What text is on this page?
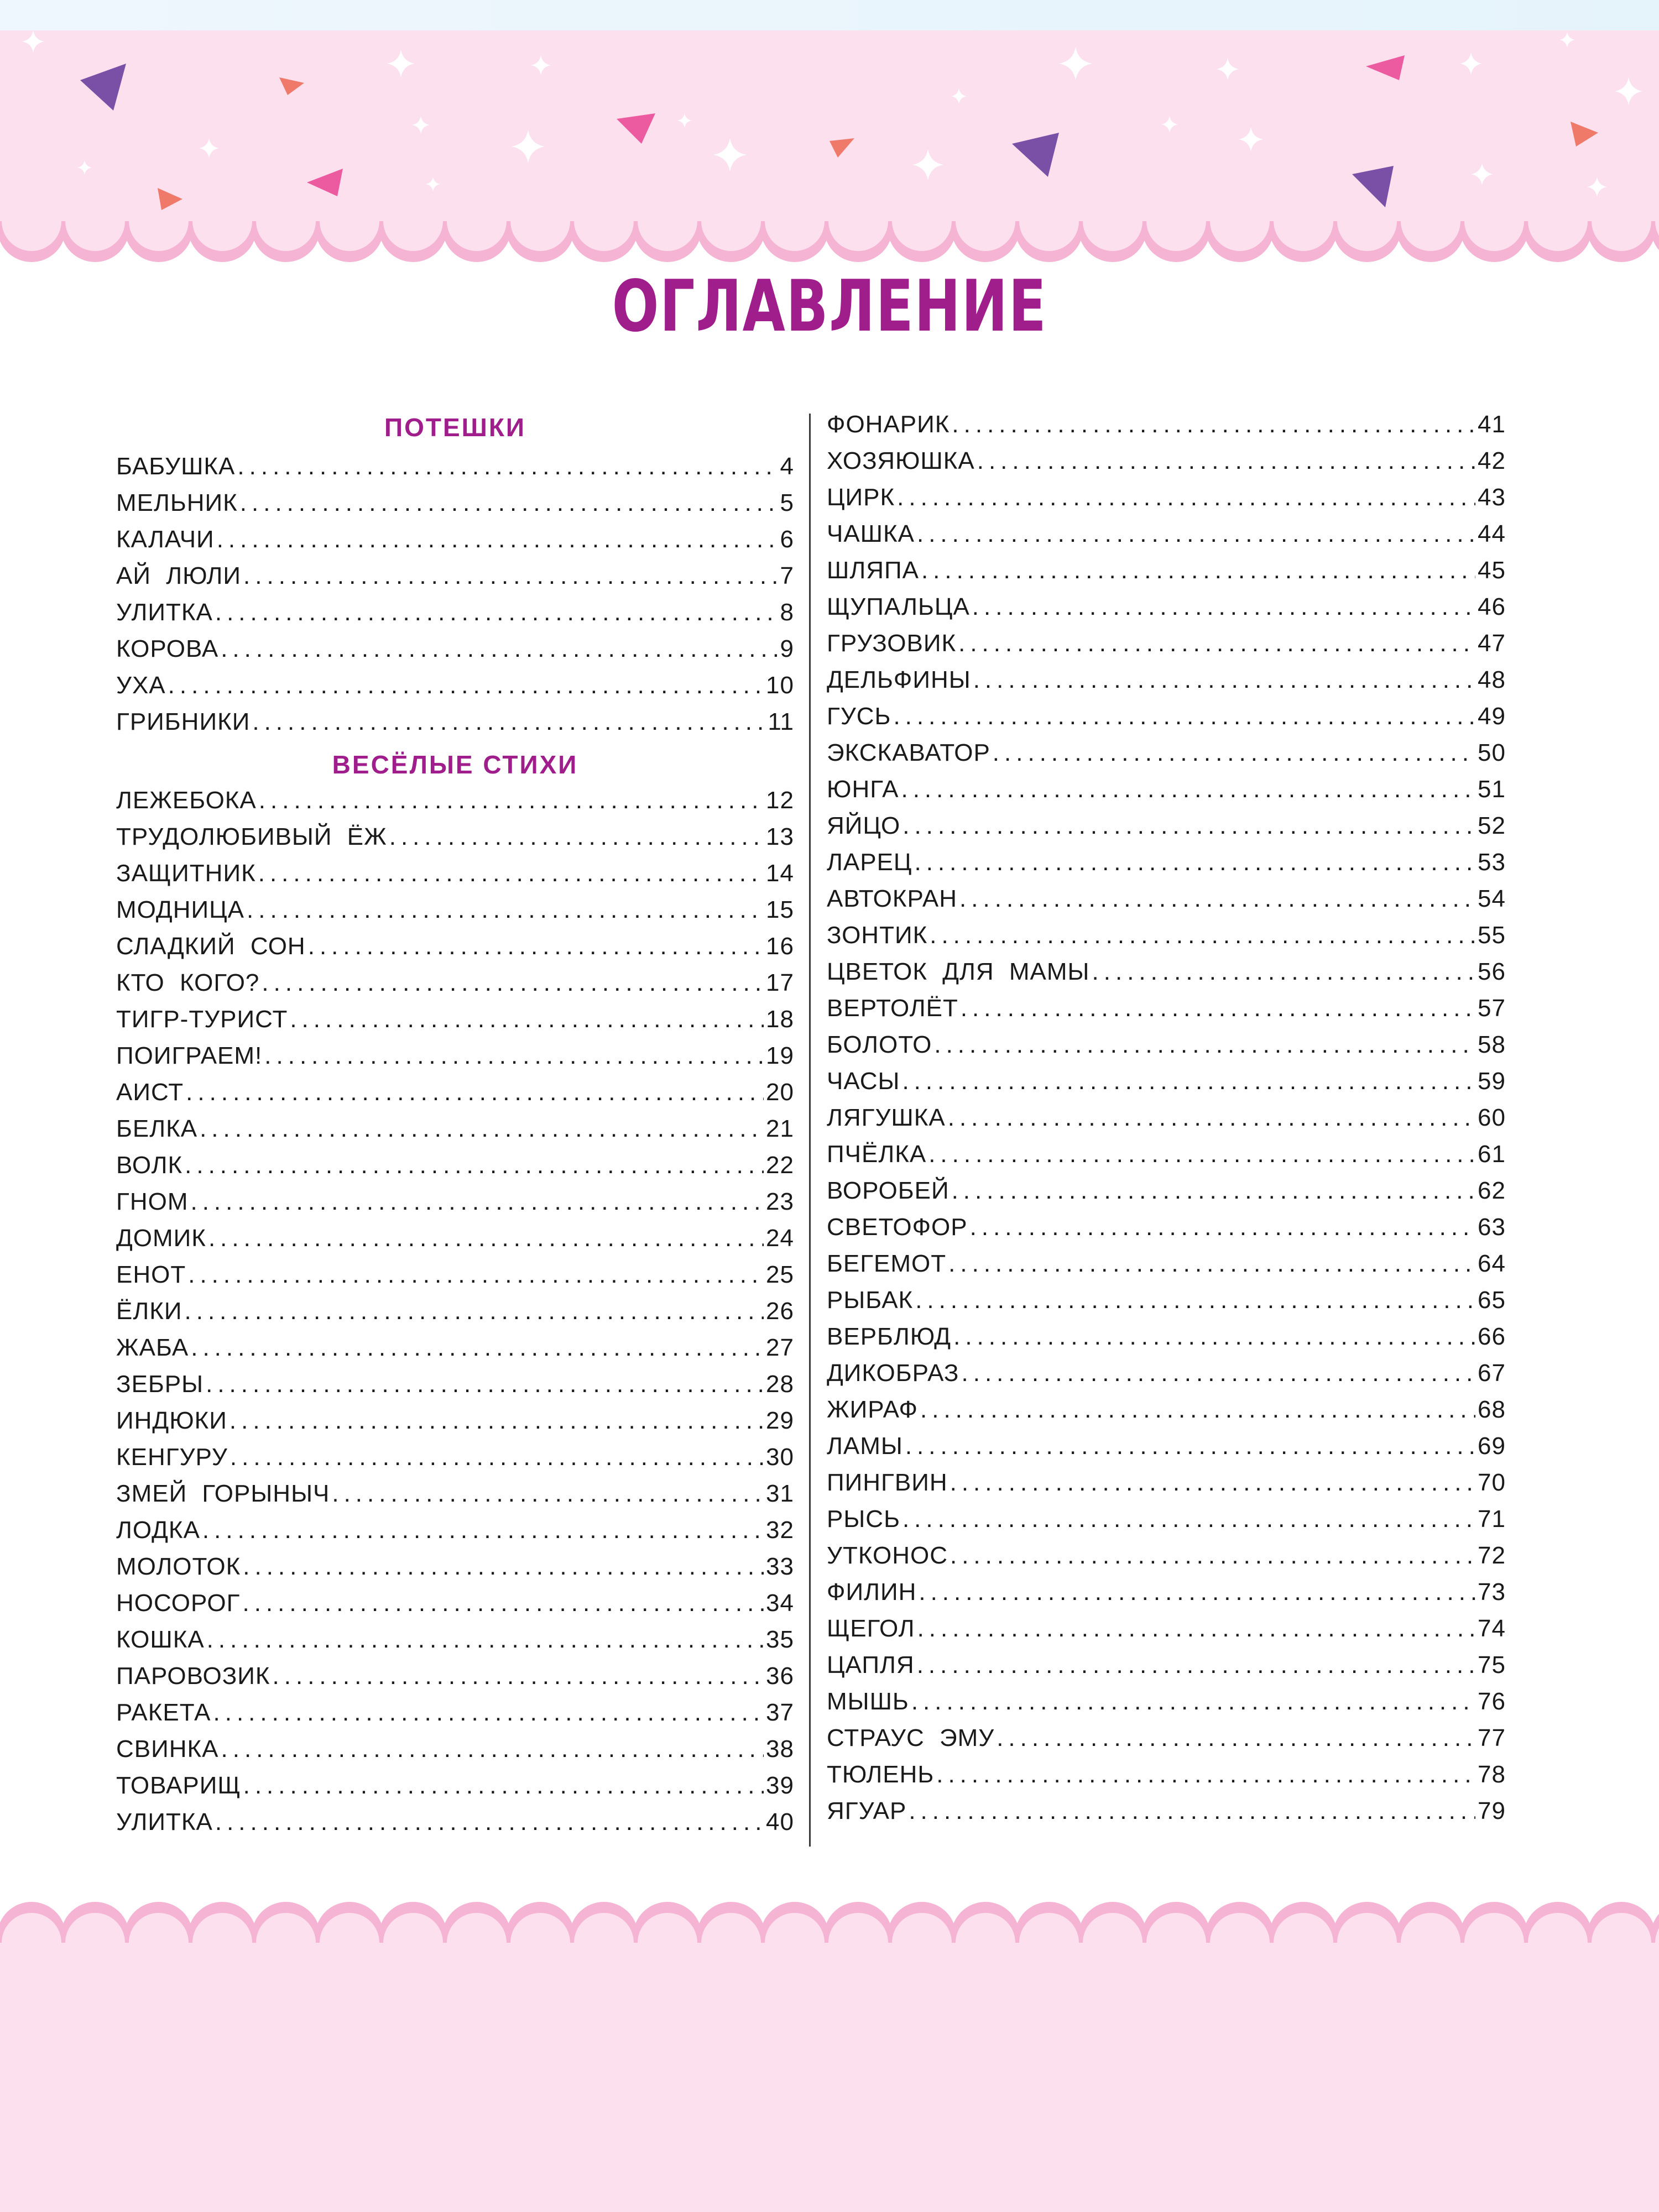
ОГЛАВЛЕНИЕ
ПОТЕШКИ
БАБУШКА .....	4
МЕЛЬНИК .....	5
КАЛАЧИ .....	6
АЙ ЛЮЛИ .....	7
УЛИТКА .....	8
КОРОВА .....	9
УХА .....	10
ГРИБНИКИ .....	11
ВЕСЁЛЫЕ СТИХИ
ЛЕЖЕБОКА .....	12
ТРУДОЛЮБИВЫЙ ЁЖ .....	13
ЗАЩИТНИК .....	14
МОДНИЦА .....	15
СЛАДКИЙ СОН .....	16
КТО КОГО? .....	17
ТИГР-ТУРИСТ .....	18
ПОИГРАЕМ! .....	19
АИСТ .....	20
БЕЛКА .....	21
ВОЛК .....	22
ГНОМ .....	23
ДОМИК .....	24
ЕНОТ .....	25
ЁЛКИ .....	26
ЖАБА .....	27
ЗЕБРЫ .....	28
ИНДЮКИ .....	29
КЕНГУРУ .....	30
ЗМЕЙ ГОРЫНЫЧ .....	31
ЛОДКА .....	32
МОЛОТОК .....	33
НОСОРОГ .....	34
КОШКА .....	35
ПАРОВОЗИК .....	36
РАКЕТА .....	37
СВИНКА .....	38
ТОВАРИЩ .....	39
УЛИТКА .....	40
ФОНАРИК .....	41
ХОЗЯЮШКА .....	42
ЦИРК .....	43
ЧАШКА .....	44
ШЛЯПА .....	45
ЩУПАЛЬЦА .....	46
ГРУЗОВИК .....	47
ДЕЛЬФИНЫ .....	48
ГУСЬ .....	49
ЭКСКАВАТОР .....	50
ЮНГА .....	51
ЯЙЦО .....	52
ЛАРЕЦ .....	53
АВТОКРАН .....	54
ЗОНТИК .....	55
ЦВЕТОК ДЛЯ МАМЫ .....	56
ВЕРТОЛЁТ .....	57
БОЛОТО .....	58
ЧАСЫ .....	59
ЛЯГУШКА .....	60
ПЧЁЛКА .....	61
ВОРОБЕЙ .....	62
СВЕТОФОР .....	63
БЕГЕМОТ .....	64
РЫБАК .....	65
ВЕРБЛЮД .....	66
ДИКОБРАЗ .....	67
ЖИРАФ .....	68
ЛАМЫ .....	69
ПИНГВИН .....	70
РЫСЬ .....	71
УТКОНОС .....	72
ФИЛИН .....	73
ЩЕГОЛ .....	74
ЦАПЛЯ .....	75
МЫШЬ .....	76
СТРАУС ЭМУ .....	77
ТЮЛЕНЬ .....	78
ЯГУАР .....	79
